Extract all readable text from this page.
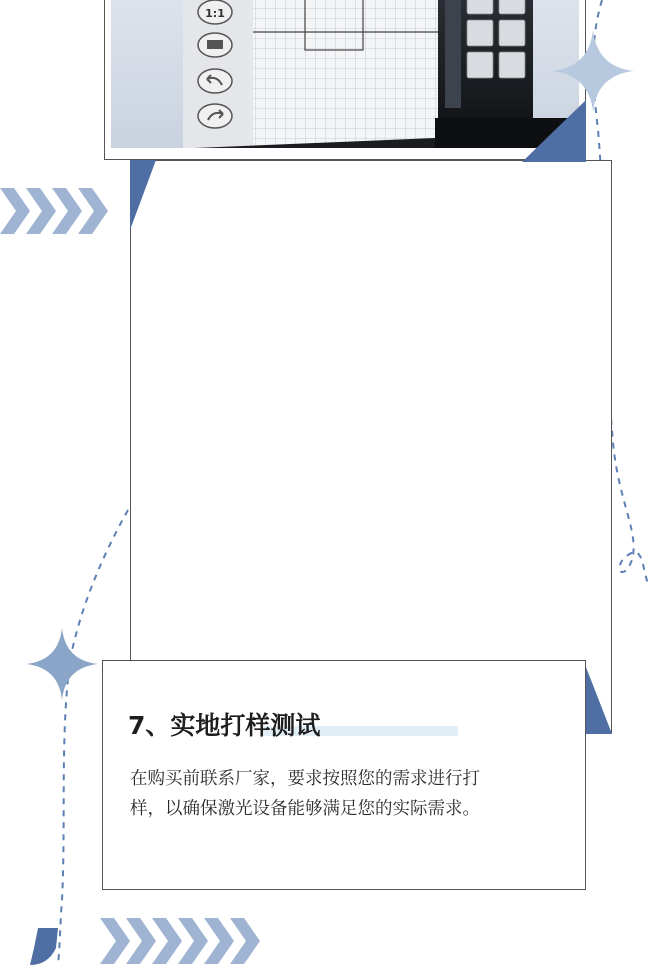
1:1
7、实地打样测试
在购买前联系厂家，要求按照您的需求进行打
样，以确保激光设备能够满足您的实际需求。
